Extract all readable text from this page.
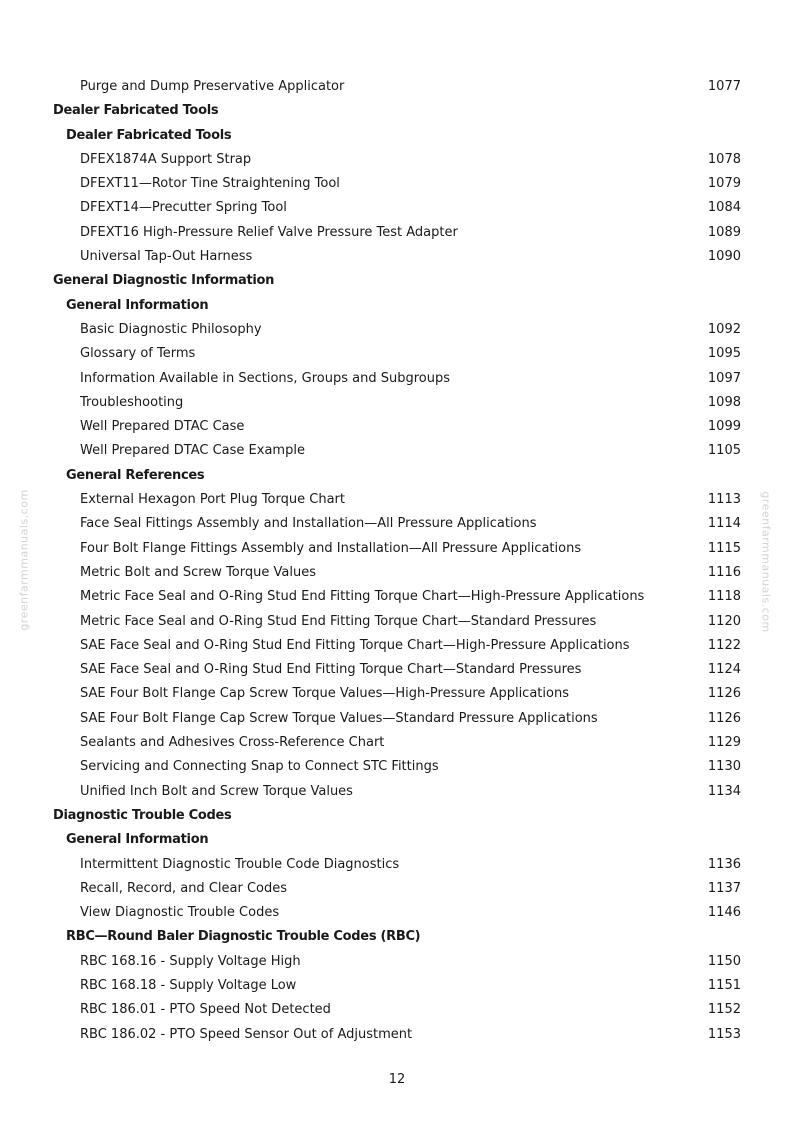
Purge and Dump Preservative Applicator	1077
Dealer Fabricated Tools
Dealer Fabricated Tools
DFEX1874A Support Strap	1078
DFEXT11—Rotor Tine Straightening Tool	1079
DFEXT14—Precutter Spring Tool	1084
DFEXT16 High-Pressure Relief Valve Pressure Test Adapter	1089
Universal Tap-Out Harness	1090
General Diagnostic Information
General Information
Basic Diagnostic Philosophy	1092
Glossary of Terms	1095
Information Available in Sections, Groups and Subgroups	1097
Troubleshooting	1098
Well Prepared DTAC Case	1099
Well Prepared DTAC Case Example	1105
General References
External Hexagon Port Plug Torque Chart	1113
Face Seal Fittings Assembly and Installation—All Pressure Applications	1114
Four Bolt Flange Fittings Assembly and Installation—All Pressure Applications	1115
Metric Bolt and Screw Torque Values	1116
Metric Face Seal and O-Ring Stud End Fitting Torque Chart—High-Pressure Applications	1118
Metric Face Seal and O-Ring Stud End Fitting Torque Chart—Standard Pressures	1120
SAE Face Seal and O-Ring Stud End Fitting Torque Chart—High-Pressure Applications	1122
SAE Face Seal and O-Ring Stud End Fitting Torque Chart—Standard Pressures	1124
SAE Four Bolt Flange Cap Screw Torque Values—High-Pressure Applications	1126
SAE Four Bolt Flange Cap Screw Torque Values—Standard Pressure Applications	1126
Sealants and Adhesives Cross-Reference Chart	1129
Servicing and Connecting Snap to Connect STC Fittings	1130
Unified Inch Bolt and Screw Torque Values	1134
Diagnostic Trouble Codes
General Information
Intermittent Diagnostic Trouble Code Diagnostics	1136
Recall, Record, and Clear Codes	1137
View Diagnostic Trouble Codes	1146
RBC—Round Baler Diagnostic Trouble Codes (RBC)
RBC 168.16 - Supply Voltage High	1150
RBC 168.18 - Supply Voltage Low	1151
RBC 186.01 - PTO Speed Not Detected	1152
RBC 186.02 - PTO Speed Sensor Out of Adjustment	1153
12
greenfarmmanuals.com	greenfarmmanuals.com
